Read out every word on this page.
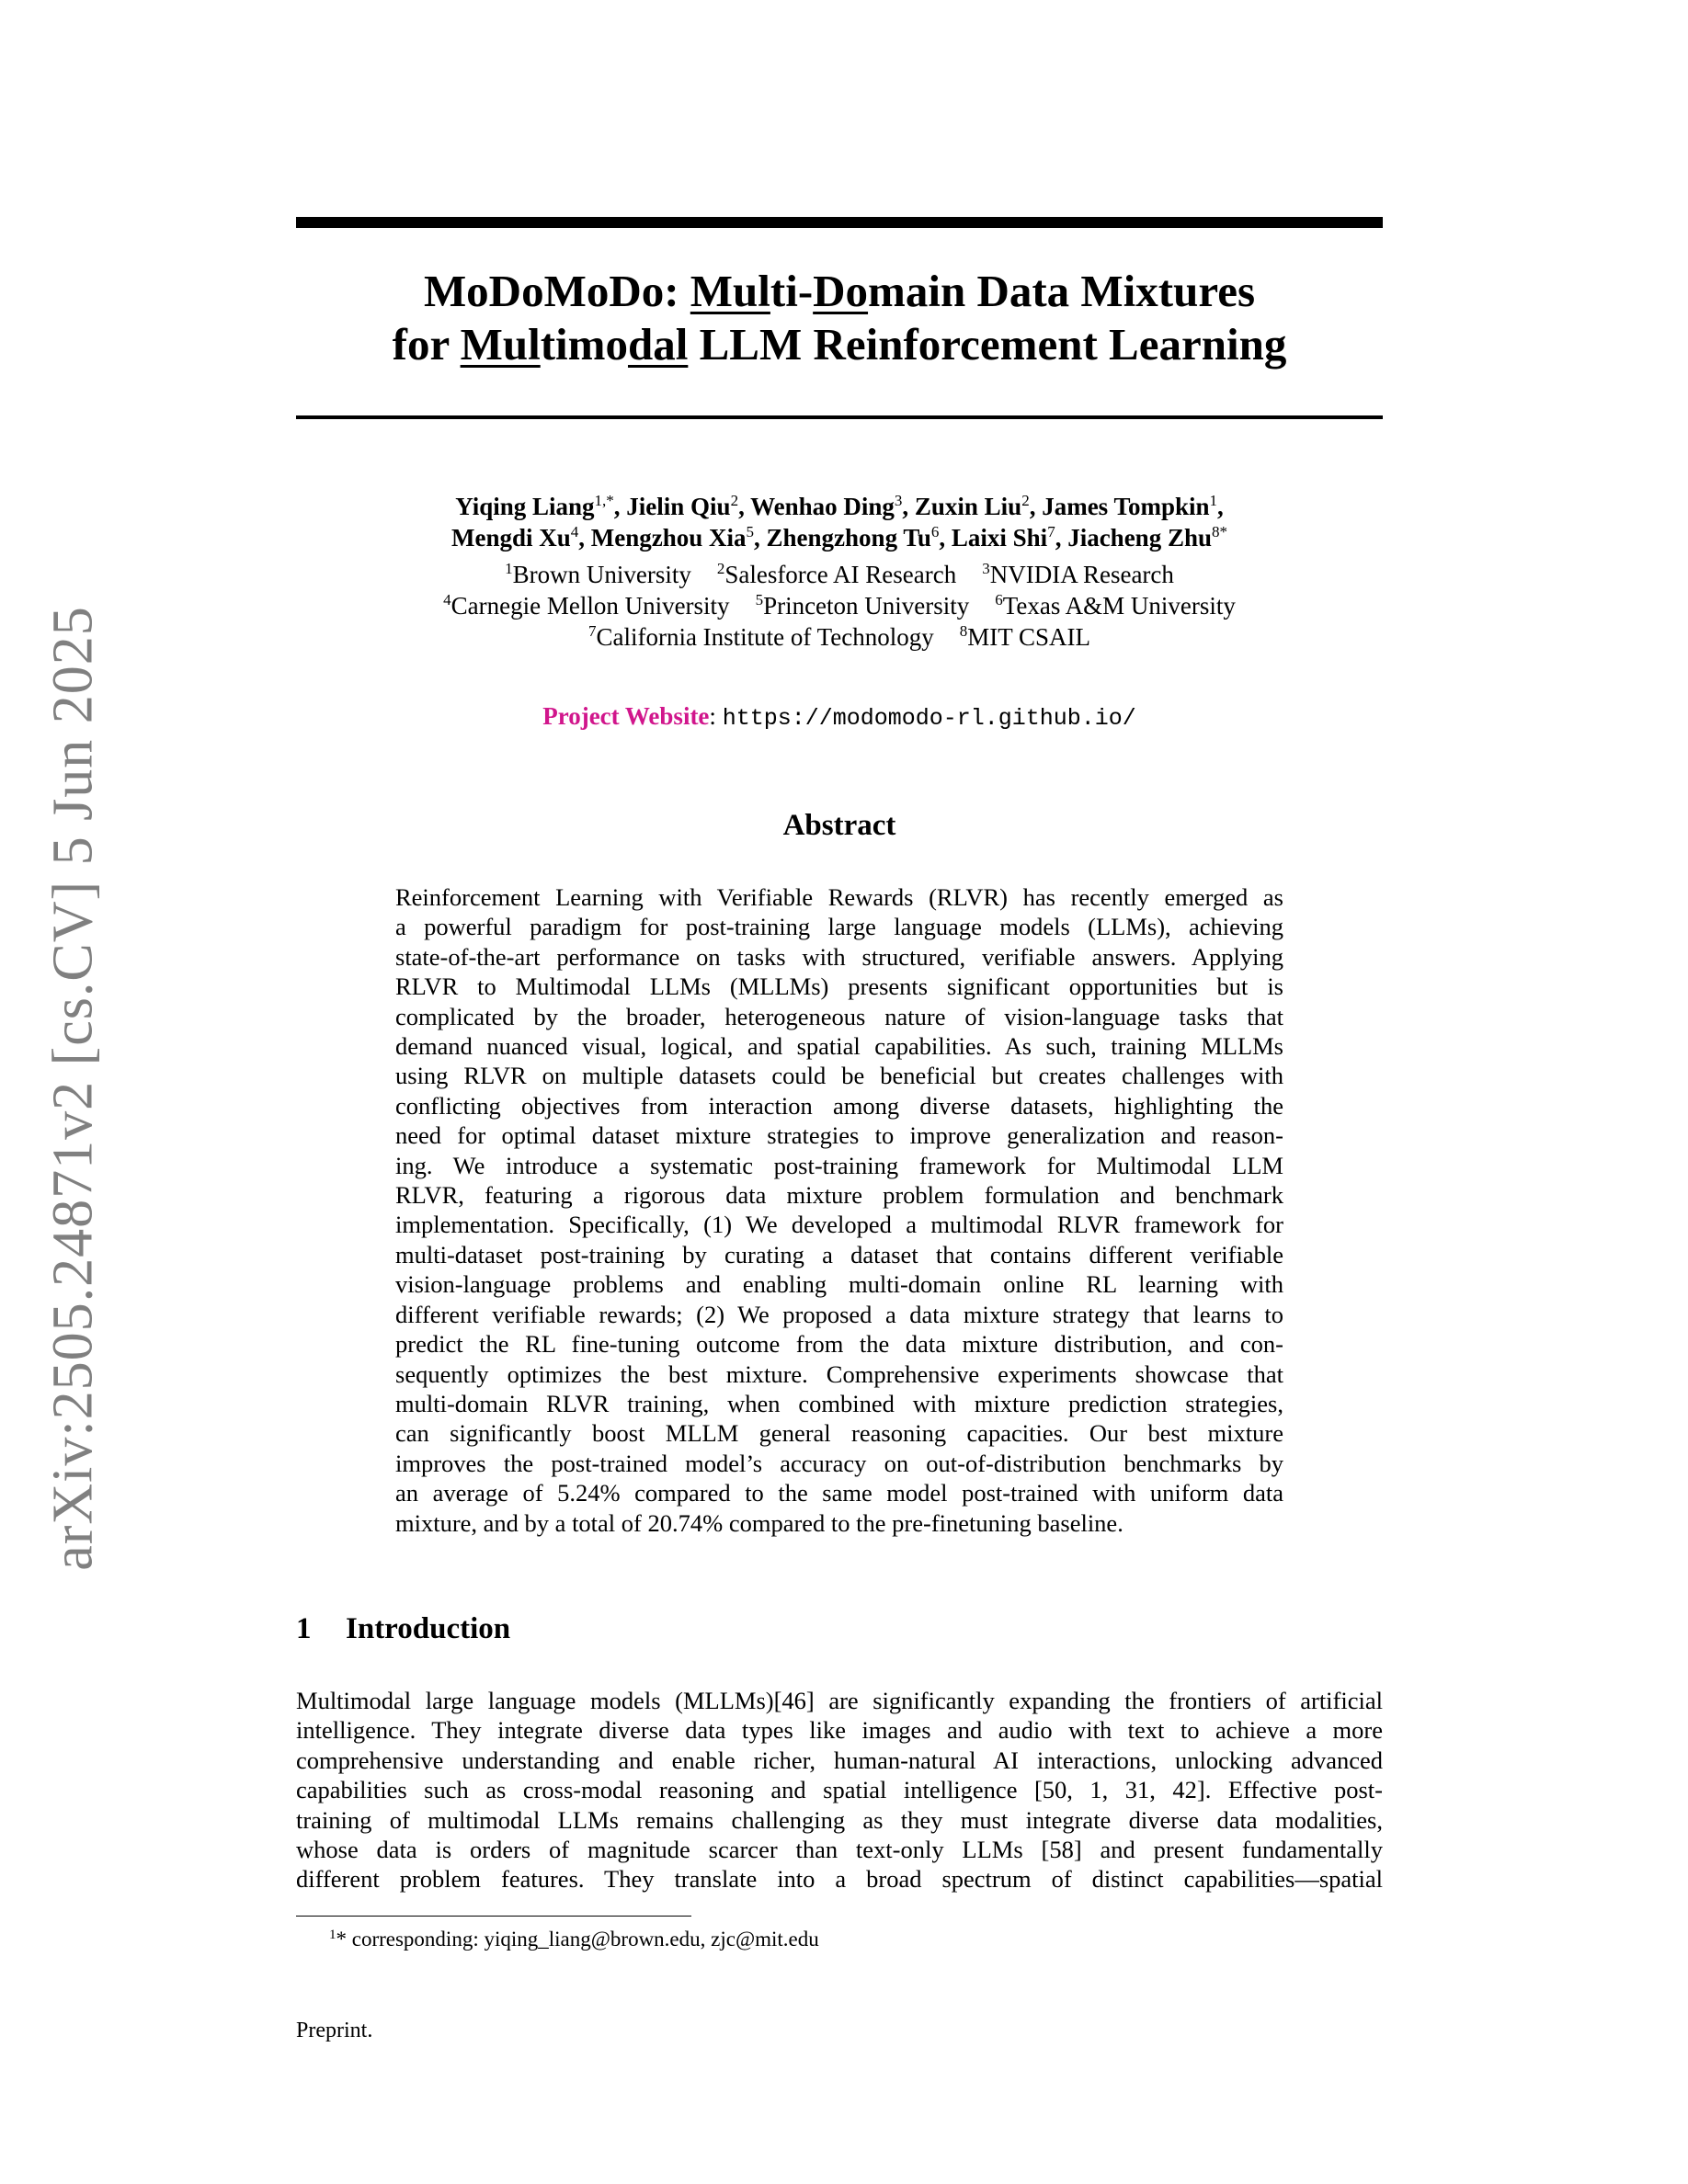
arXiv:2505.24871v2 [cs.CV] 5 Jun 2025
MoDoMoDo: Multi-Domain Data Mixtures
for Multimodal LLM Reinforcement Learning
Yiqing Liang$^{1,*}$, Jielin Qiu$^2$, Wenhao Ding$^3$, Zuxin Liu$^2$, James Tompkin$^1$,
Mengdi Xu$^4$, Mengzhou Xia$^5$, Zhengzhong Tu$^6$, Laixi Shi$^7$, Jiacheng Zhu$^{8*}$
$^1$Brown University $^2$Salesforce AI Research $^3$NVIDIA Research
$^4$Carnegie Mellon University $^5$Princeton University $^6$Texas A&M University
$^7$California Institute of Technology $^8$MIT CSAIL
Project Website: https://modomodo-rl.github.io/
Abstract
Reinforcement Learning with Verifiable Rewards (RLVR) has recently emerged as
a powerful paradigm for post-training large language models (LLMs), achieving
state-of-the-art performance on tasks with structured, verifiable answers. Applying
RLVR to Multimodal LLMs (MLLMs) presents significant opportunities but is
complicated by the broader, heterogeneous nature of vision-language tasks that
demand nuanced visual, logical, and spatial capabilities. As such, training MLLMs
using RLVR on multiple datasets could be beneficial but creates challenges with
conflicting objectives from interaction among diverse datasets, highlighting the
need for optimal dataset mixture strategies to improve generalization and reason-
ing. We introduce a systematic post-training framework for Multimodal LLM
RLVR, featuring a rigorous data mixture problem formulation and benchmark
implementation. Specifically, (1) We developed a multimodal RLVR framework for
multi-dataset post-training by curating a dataset that contains different verifiable
vision-language problems and enabling multi-domain online RL learning with
different verifiable rewards; (2) We proposed a data mixture strategy that learns to
predict the RL fine-tuning outcome from the data mixture distribution, and con-
sequently optimizes the best mixture. Comprehensive experiments showcase that
multi-domain RLVR training, when combined with mixture prediction strategies,
can significantly boost MLLM general reasoning capacities. Our best mixture
improves the post-trained model’s accuracy on out-of-distribution benchmarks by
an average of 5.24% compared to the same model post-trained with uniform data
mixture, and by a total of 20.74% compared to the pre-finetuning baseline.
1 Introduction
Multimodal large language models (MLLMs)[46] are significantly expanding the frontiers of artificial
intelligence. They integrate diverse data types like images and audio with text to achieve a more
comprehensive understanding and enable richer, human-natural AI interactions, unlocking advanced
capabilities such as cross-modal reasoning and spatial intelligence [50, 1, 31, 42]. Effective post-
training of multimodal LLMs remains challenging as they must integrate diverse data modalities,
whose data is orders of magnitude scarcer than text-only LLMs [58] and present fundamentally
different problem features. They translate into a broad spectrum of distinct capabilities—spatial
$^1$* corresponding: yiqing_liang@brown.edu, zjc@mit.edu
Preprint.
